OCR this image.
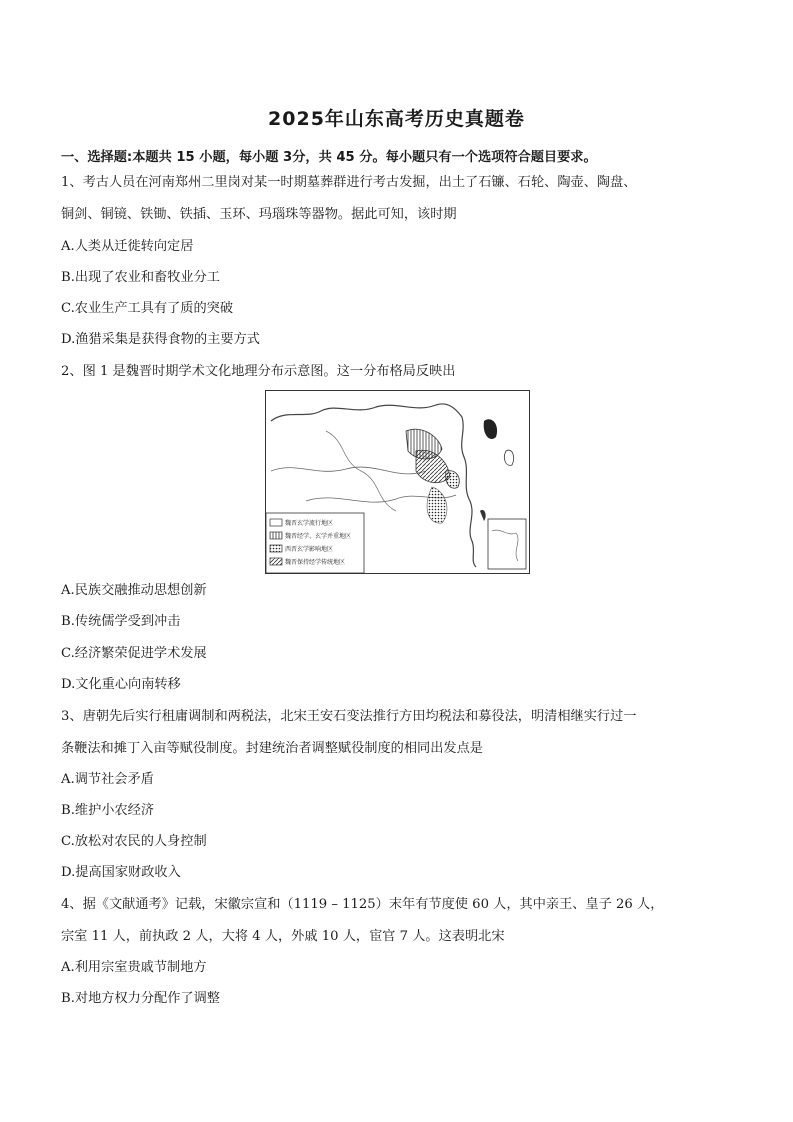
2025年山东高考历史真题卷
一、选择题:本题共 15 小题，每小题 3分，共 45 分。每小题只有一个选项符合题目要求。
1、考古人员在河南郑州二里岗对某一时期墓葬群进行考古发掘，出土了石镰、石轮、陶壶、陶盘、
铜剑、铜镜、铁锄、铁插、玉环、玛瑙珠等器物。据此可知，该时期
A.人类从迁徙转向定居
B.出现了农业和畜牧业分工
C.农业生产工具有了质的突破
D.渔猎采集是获得食物的主要方式
2、图 1 是魏晋时期学术文化地理分布示意图。这一分布格局反映出
魏晋玄学流行地区
魏晋经学、玄学并重地区
西晋玄学影响地区
魏晋保持经学传统地区
A.民族交融推动思想创新
B.传统儒学受到冲击
C.经济繁荣促进学术发展
D.文化重心向南转移
3、唐朝先后实行租庸调制和两税法，北宋王安石变法推行方田均税法和募役法，明清相继实行过一
条鞭法和摊丁入亩等赋役制度。封建统治者调整赋役制度的相同出发点是
A.调节社会矛盾
B.维护小农经济
C.放松对农民的人身控制
D.提高国家财政收入
4、据《文献通考》记载，宋徽宗宣和（1119 – 1125）末年有节度使 60 人，其中亲王、皇子 26 人，
宗室 11 人，前执政 2 人，大将 4 人，外戚 10 人，宦官 7 人。这表明北宋
A.利用宗室贵戚节制地方
B.对地方权力分配作了调整
